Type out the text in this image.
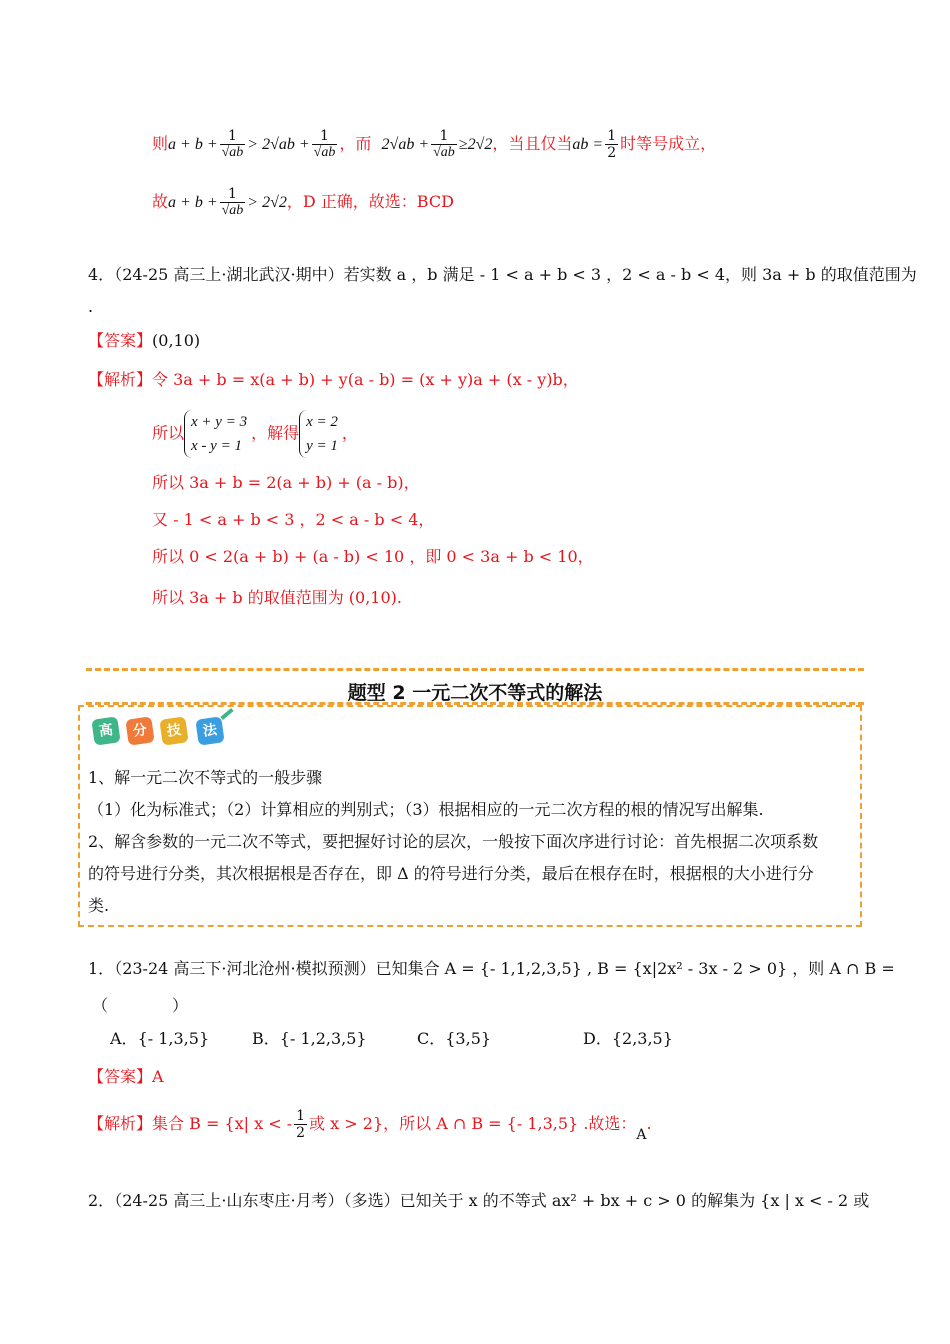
则$a + b + \frac{1}{√ab} > 2√ab + \frac{1}{√ab}$ ，而 $2√ab + \frac{1}{√ab} \ge 2√2$，当且仅当ab = $\frac{1}{2}$ 时等号成立，
故$a + b + \frac{1}{√ab} > 2√2$，D 正确，故选：BCD
4．（24-25 高三上·湖北武汉·期中）若实数 a ，b 满足 - 1 < a + b < 3 ，2 < a - b < 4，则 3a + b 的取值范围为
.
【答案】(0,10)
【解析】令 3a + b = x(a + b) + y(a - b) = (x + y)a + (x - y)b，
所以
x + y = 3
x - y = 1
，解得
x = 2
y = 1
，
所以 3a + b = 2(a + b) + (a - b)，
又 - 1 < a + b < 3 ，2 < a - b < 4，
所以 0 < 2(a + b) + (a - b) < 10 ，即 0 < 3a + b < 10，
所以 3a + b 的取值范围为 (0,10).
题型 2 一元二次不等式的解法
高	分	技	法
1、解一元二次不等式的一般步骤
（1）化为标准式；（2）计算相应的判别式；（3）根据相应的一元二次方程的根的情况写出解集.
2、解含参数的一元二次不等式，要把握好讨论的层次，一般按下面次序进行讨论：首先根据二次项系数
的符号进行分类，其次根据根是否存在，即 Δ 的符号进行分类，最后在根存在时，根据根的大小进行分
类.
1．（23-24 高三下·河北沧州·模拟预测）已知集合 A = {- 1,1,2,3,5} , B = {x|2x² - 3x - 2 > 0} ，则 A ∩ B =
（　　　　）
A．{- 1,3,5}	B．{- 1,2,3,5}	C．{3,5}	D．{2,3,5}
【答案】A
【解析】集合 B = {x| x < - $\frac{1}{2}$ 或 x > 2}，所以 A ∩ B = {- 1,3,5} .故选：A.
2．（24-25 高三上·山东枣庄·月考）（多选）已知关于 x 的不等式 ax² + bx + c > 0 的解集为 {x | x < - 2 或
